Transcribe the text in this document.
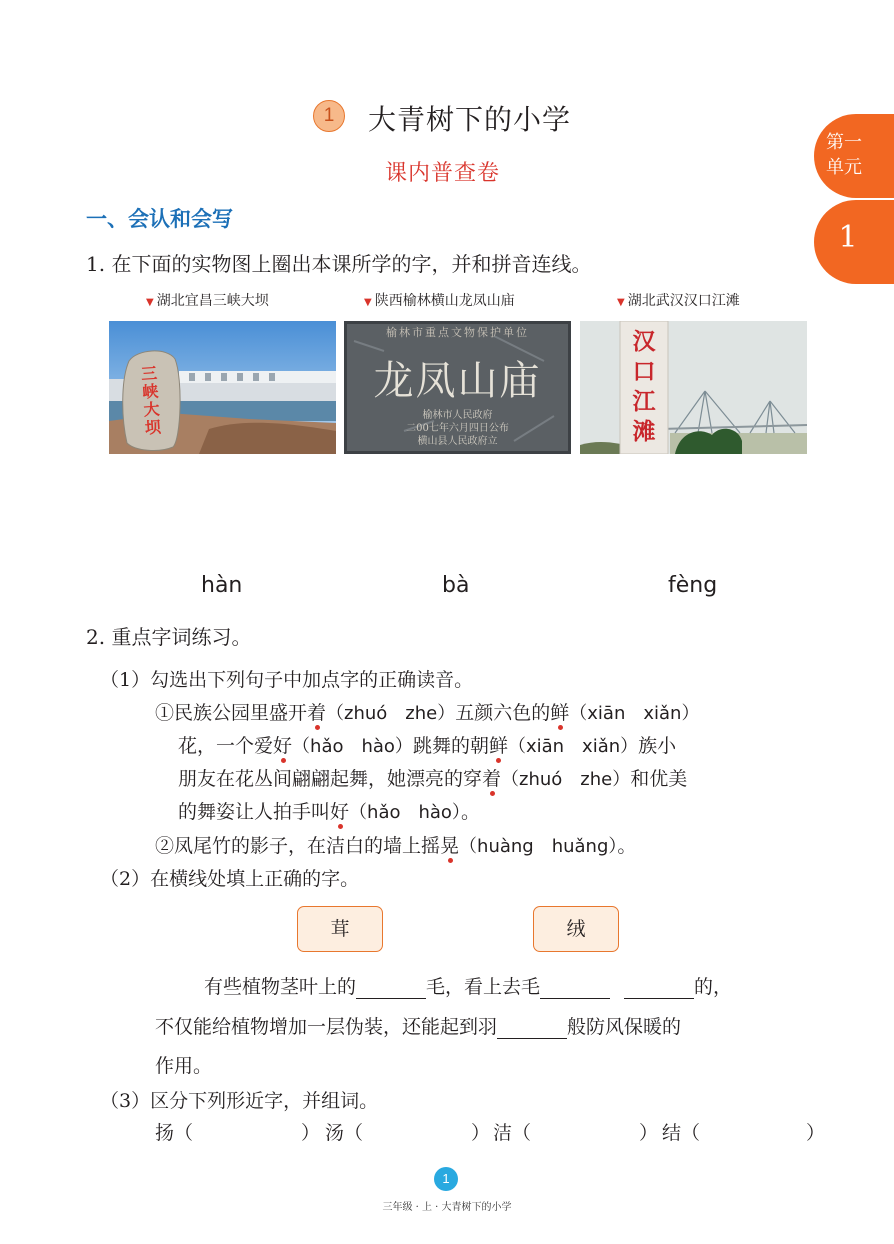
1	大青树下的小学
课内普查卷
第一单元
1
一、会认和会写
1. 在下面的实物图上圈出本课所学的字，并和拼音连线。
▼ 湖北宜昌三峡大坝	▼ 陕西榆林横山龙凤山庙	▼ 湖北武汉汉口江滩
三峡大坝
榆林市重点文物保护单位
龙凤山庙
榆林市人民政府
二00七年六月四日公布
横山县人民政府立
汉口江滩
hàn	bà	fèng
2. 重点字词练习。
（1）勾选出下列句子中加点字的正确读音。
①民族公园里盛开着（zhuó　zhe）五颜六色的鲜（xiān　xiǎn）
花，一个爱好（hǎo　hào）跳舞的朝鲜（xiān　xiǎn）族小
朋友在花丛间翩翩起舞，她漂亮的穿着（zhuó　zhe）和优美
的舞姿让人拍手叫好（hǎo　hào）。
②凤尾竹的影子，在洁白的墙上摇晃（huàng　huǎng）。
（2）在横线处填上正确的字。
茸	绒
有些植物茎叶上的	毛，看上去毛	的，
不仅能给植物增加一层伪装，还能起到羽	般防风保暖的
作用。
（3）区分下列形近字，并组词。
扬（	） 汤（	） 洁（	） 结（	）
1
三年级 · 上 · 大青树下的小学
